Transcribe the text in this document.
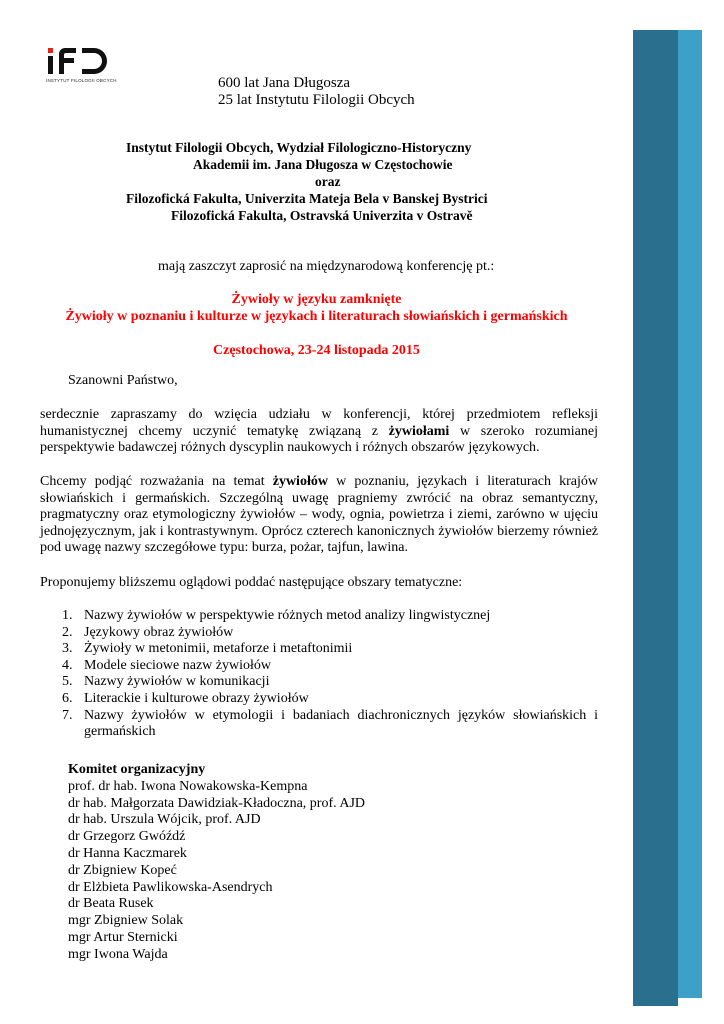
INSTYTUT FILOLOGII OBCYCH	600 lat Jana Długosza
25 lat Instytutu Filologii Obcych
Instytut Filologii Obcych, Wydział Filologiczno-Historyczny
Akademii im. Jana Długosza w Częstochowie
oraz
Filozofická Fakulta, Univerzita Mateja Bela v Banskej Bystrici
Filozofická Fakulta, Ostravská Univerzita v Ostravě
mają zaszczyt zaprosić na międzynarodową konferencję pt.:
Żywioły w języku zamknięte
Żywioły w poznaniu i kulturze w językach i literaturach słowiańskich i germańskich
Częstochowa, 23-24 listopada 2015
Szanowni Państwo,

serdecznie zapraszamy do wzięcia udziału w konferencji, której przedmiotem refleksji humanistycznej chcemy uczynić tematykę związaną z żywiołami w szeroko rozumianej perspektywie badawczej różnych dyscyplin naukowych i różnych obszarów językowych.

Chcemy podjąć rozważania na temat żywiołów w poznaniu, językach i literaturach krajów słowiańskich i germańskich. Szczególną uwagę pragniemy zwrócić na obraz semantyczny, pragmatyczny oraz etymologiczny żywiołów – wody, ognia, powietrza i ziemi, zarówno w ujęciu jednojęzycznym, jak i kontrastywnym. Oprócz czterech kanonicznych żywiołów bierzemy również pod uwagę nazwy szczegółowe typu: burza, pożar, tajfun, lawina.

Proponujemy bliższemu oglądowi poddać następujące obszary tematyczne:
1. Nazwy żywiołów w perspektywie różnych metod analizy lingwistycznej
2. Językowy obraz żywiołów
3. Żywioły w metonimii, metaforze i metaftonimii
4. Modele sieciowe nazw żywiołów
5. Nazwy żywiołów w komunikacji
6. Literackie i kulturowe obrazy żywiołów
7. Nazwy żywiołów w etymologii i badaniach diachronicznych języków słowiańskich i germańskich
Komitet organizacyjny
prof. dr hab. Iwona Nowakowska-Kempna
dr hab. Małgorzata Dawidziak-Kładoczna, prof. AJD
dr hab. Urszula Wójcik, prof. AJD
dr Grzegorz Gwóźdź
dr Hanna Kaczmarek
dr Zbigniew Kopeć
dr Elżbieta Pawlikowska-Asendrych
dr Beata Rusek
mgr Zbigniew Solak
mgr Artur Sternicki
mgr Iwona Wajda
